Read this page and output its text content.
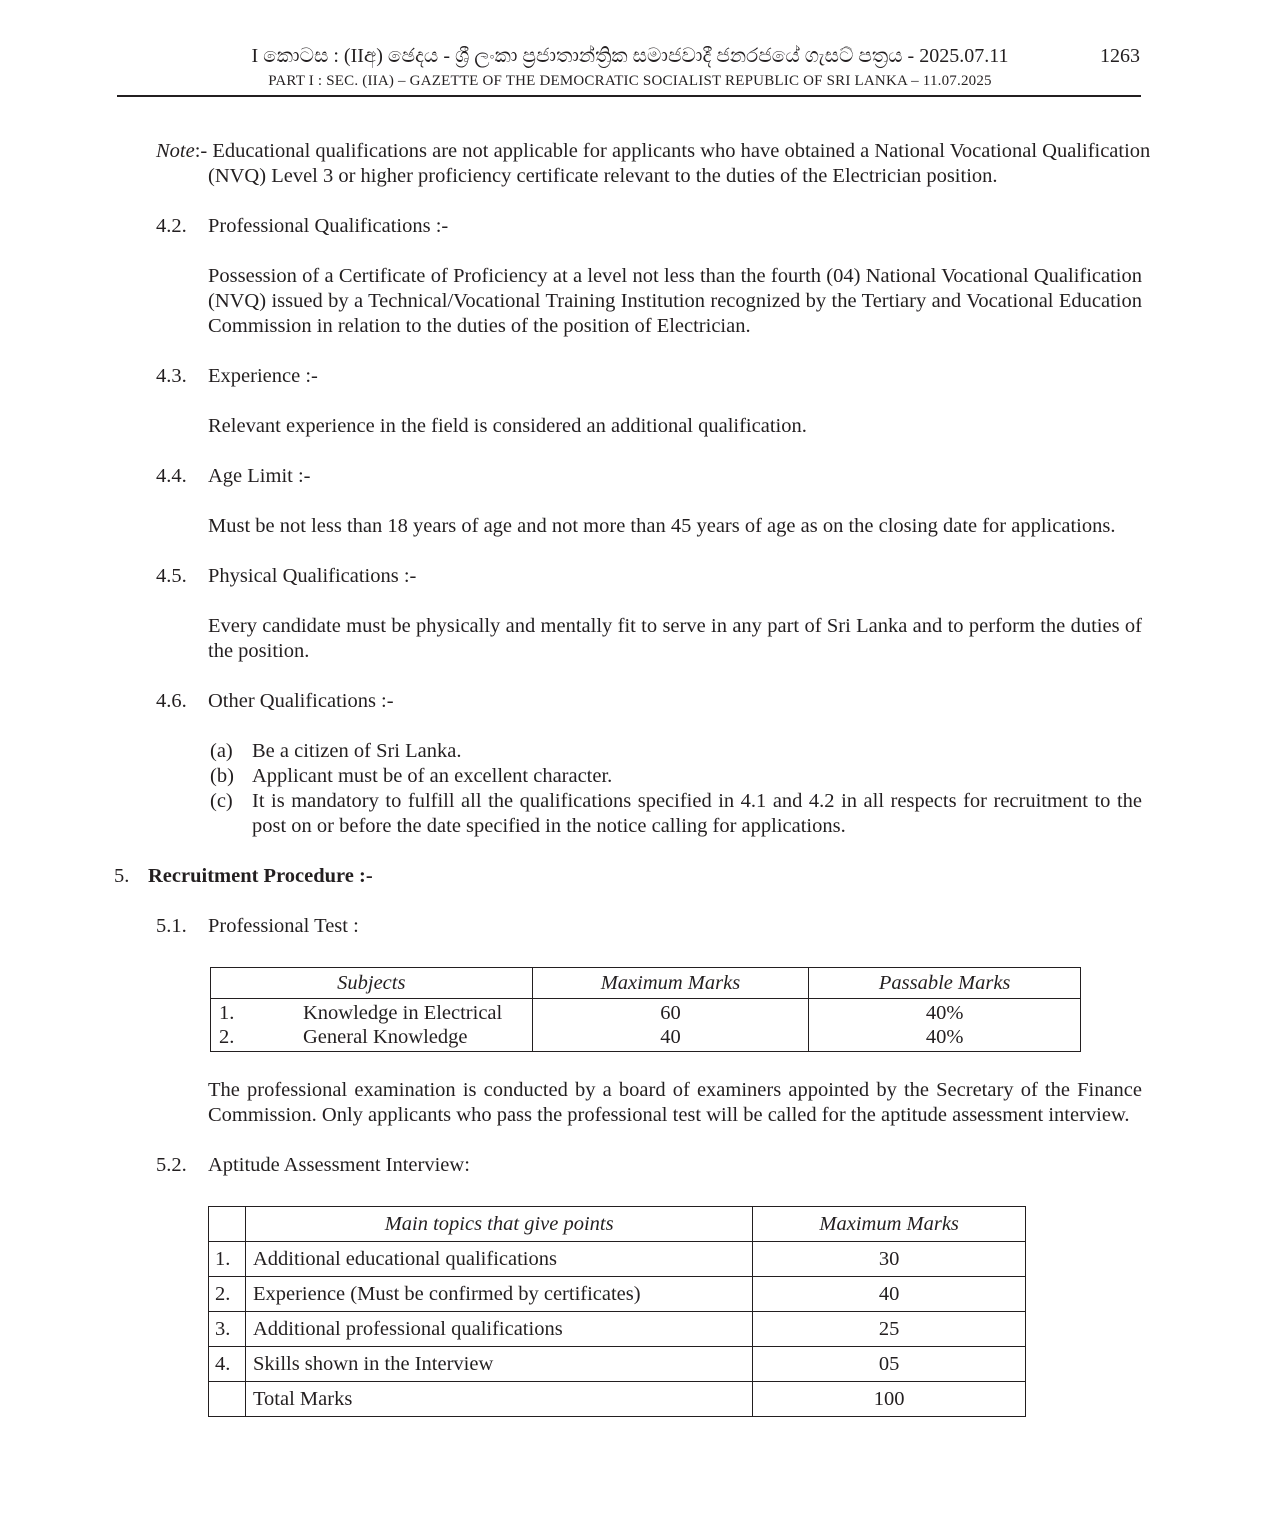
I කොටස : (IIඅ) ඡෙදය - ශ්‍රී ලංකා ප්‍රජාතාන්ත්‍රික සමාජවාදී ජනරජයේ ගැසට් පත්‍රය - 2025.07.11	1263
PART I : SEC. (IIA) – GAZETTE OF THE DEMOCRATIC SOCIALIST REPUBLIC OF SRI LANKA – 11.07.2025
Note:- Educational qualifications are not applicable for applicants who have obtained a National Vocational Qualification
(NVQ) Level 3 or higher proficiency certificate relevant to the duties of the Electrician position.
4.2. Professional Qualifications :-
Possession of a Certificate of Proficiency at a level not less than the fourth (04) National Vocational Qualification (NVQ) issued by a Technical/Vocational Training Institution recognized by the Tertiary and Vocational Education Commission in relation to the duties of the position of Electrician.
4.3. Experience :-
Relevant experience in the field is considered an additional qualification.
4.4. Age Limit :-
Must be not less than 18 years of age and not more than 45 years of age as on the closing date for applications.
4.5. Physical Qualifications :-
Every candidate must be physically and mentally fit to serve in any part of Sri Lanka and to perform the duties of the position.
4.6. Other Qualifications :-
(a) Be a citizen of Sri Lanka.
(b) Applicant must be of an excellent character.
(c) It is mandatory to fulfill all the qualifications specified in 4.1 and 4.2 in all respects for recruitment to the post on or before the date specified in the notice calling for applications.
5. Recruitment Procedure :-
5.1. Professional Test :
Subjects	Maximum Marks	Passable Marks
1. Knowledge in Electrical	60	40%
2. General Knowledge	40	40%
The professional examination is conducted by a board of examiners appointed by the Secretary of the Finance Commission. Only applicants who pass the professional test will be called for the aptitude assessment interview.
5.2. Aptitude Assessment Interview:
	Main topics that give points	Maximum Marks
1.	Additional educational qualifications	30
2.	Experience (Must be confirmed by certificates)	40
3.	Additional professional qualifications	25
4.	Skills shown in the Interview	05
	Total Marks	100
